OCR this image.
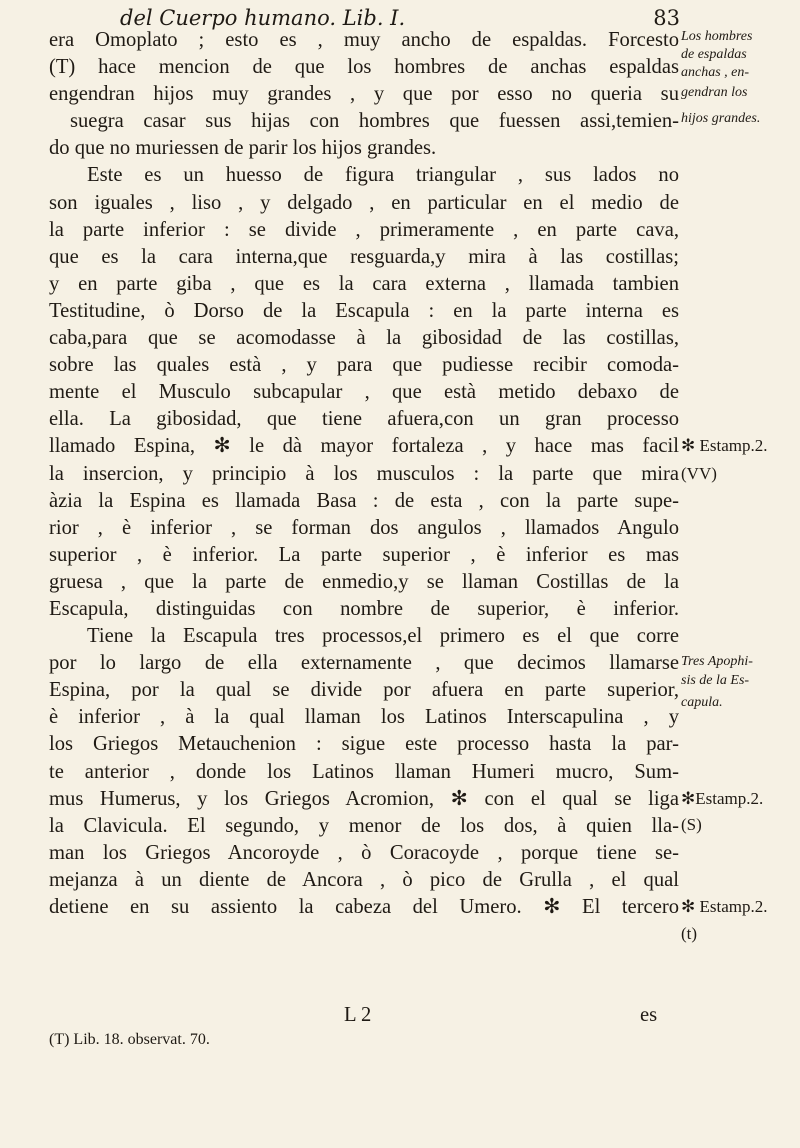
del Cuerpo humano. Lib. I.	83
era Omoplato ; esto es , muy ancho de espaldas. Forcesto
(T) hace mencion de que los hombres de anchas espaldas
engendran hijos muy grandes , y que por esso no queria su
suegra casar sus hijas con hombres que fuessen assi,temien-
do que no muriessen de parir los hijos grandes.
Este es un huesso de figura triangular , sus lados no
son iguales , liso , y delgado , en particular en el medio de
la parte inferior : se divide , primeramente , en parte cava,
que es la cara interna,que resguarda,y mira à las costillas;
y en parte giba , que es la cara externa , llamada tambien
Testitudine, ò Dorso de la Escapula : en la parte interna es
caba,para que se acomodasse à la gibosidad de las costillas,
sobre las quales està , y para que pudiesse recibir comoda-
mente el Musculo subcapular , que està metido debaxo de
ella. La gibosidad, que tiene afuera,con un gran processo
llamado Espina, ✻ le dà mayor fortaleza , y hace mas facil
la insercion, y principio à los musculos : la parte que mira
àzia la Espina es llamada Basa : de esta , con la parte supe-
rior , è inferior , se forman dos angulos , llamados Angulo
superior , è inferior. La parte superior , è inferior es mas
gruesa , que la parte de enmedio,y se llaman Costillas de la
Escapula, distinguidas con nombre de superior, è inferior.
Tiene la Escapula tres processos,el primero es el que corre
por lo largo de ella externamente , que decimos llamarse
Espina, por la qual se divide por afuera en parte superior,
è inferior , à la qual llaman los Latinos Interscapulina , y
los Griegos Metauchenion : sigue este processo hasta la par-
te anterior , donde los Latinos llaman Humeri mucro, Sum-
mus Humerus, y los Griegos Acromion, ✻ con el qual se liga
la Clavicula. El segundo, y menor de los dos, à quien lla-
man los Griegos Ancoroyde , ò Coracoyde , porque tiene se-
mejanza à un diente de Ancora , ò pico de Grulla , el qual
detiene en su assiento la cabeza del Umero. ✻ El tercero
Los hombres
de espaldas
anchas , en-
gendran los
hijos grandes.
✻ Estamp.2.
(VV)
Tres Apophi-
sis de la Es-
capula.
✻Estamp.2.
(S)
✻ Estamp.2.
(t)
L 2	es
(T) Lib. 18. observat. 70.
